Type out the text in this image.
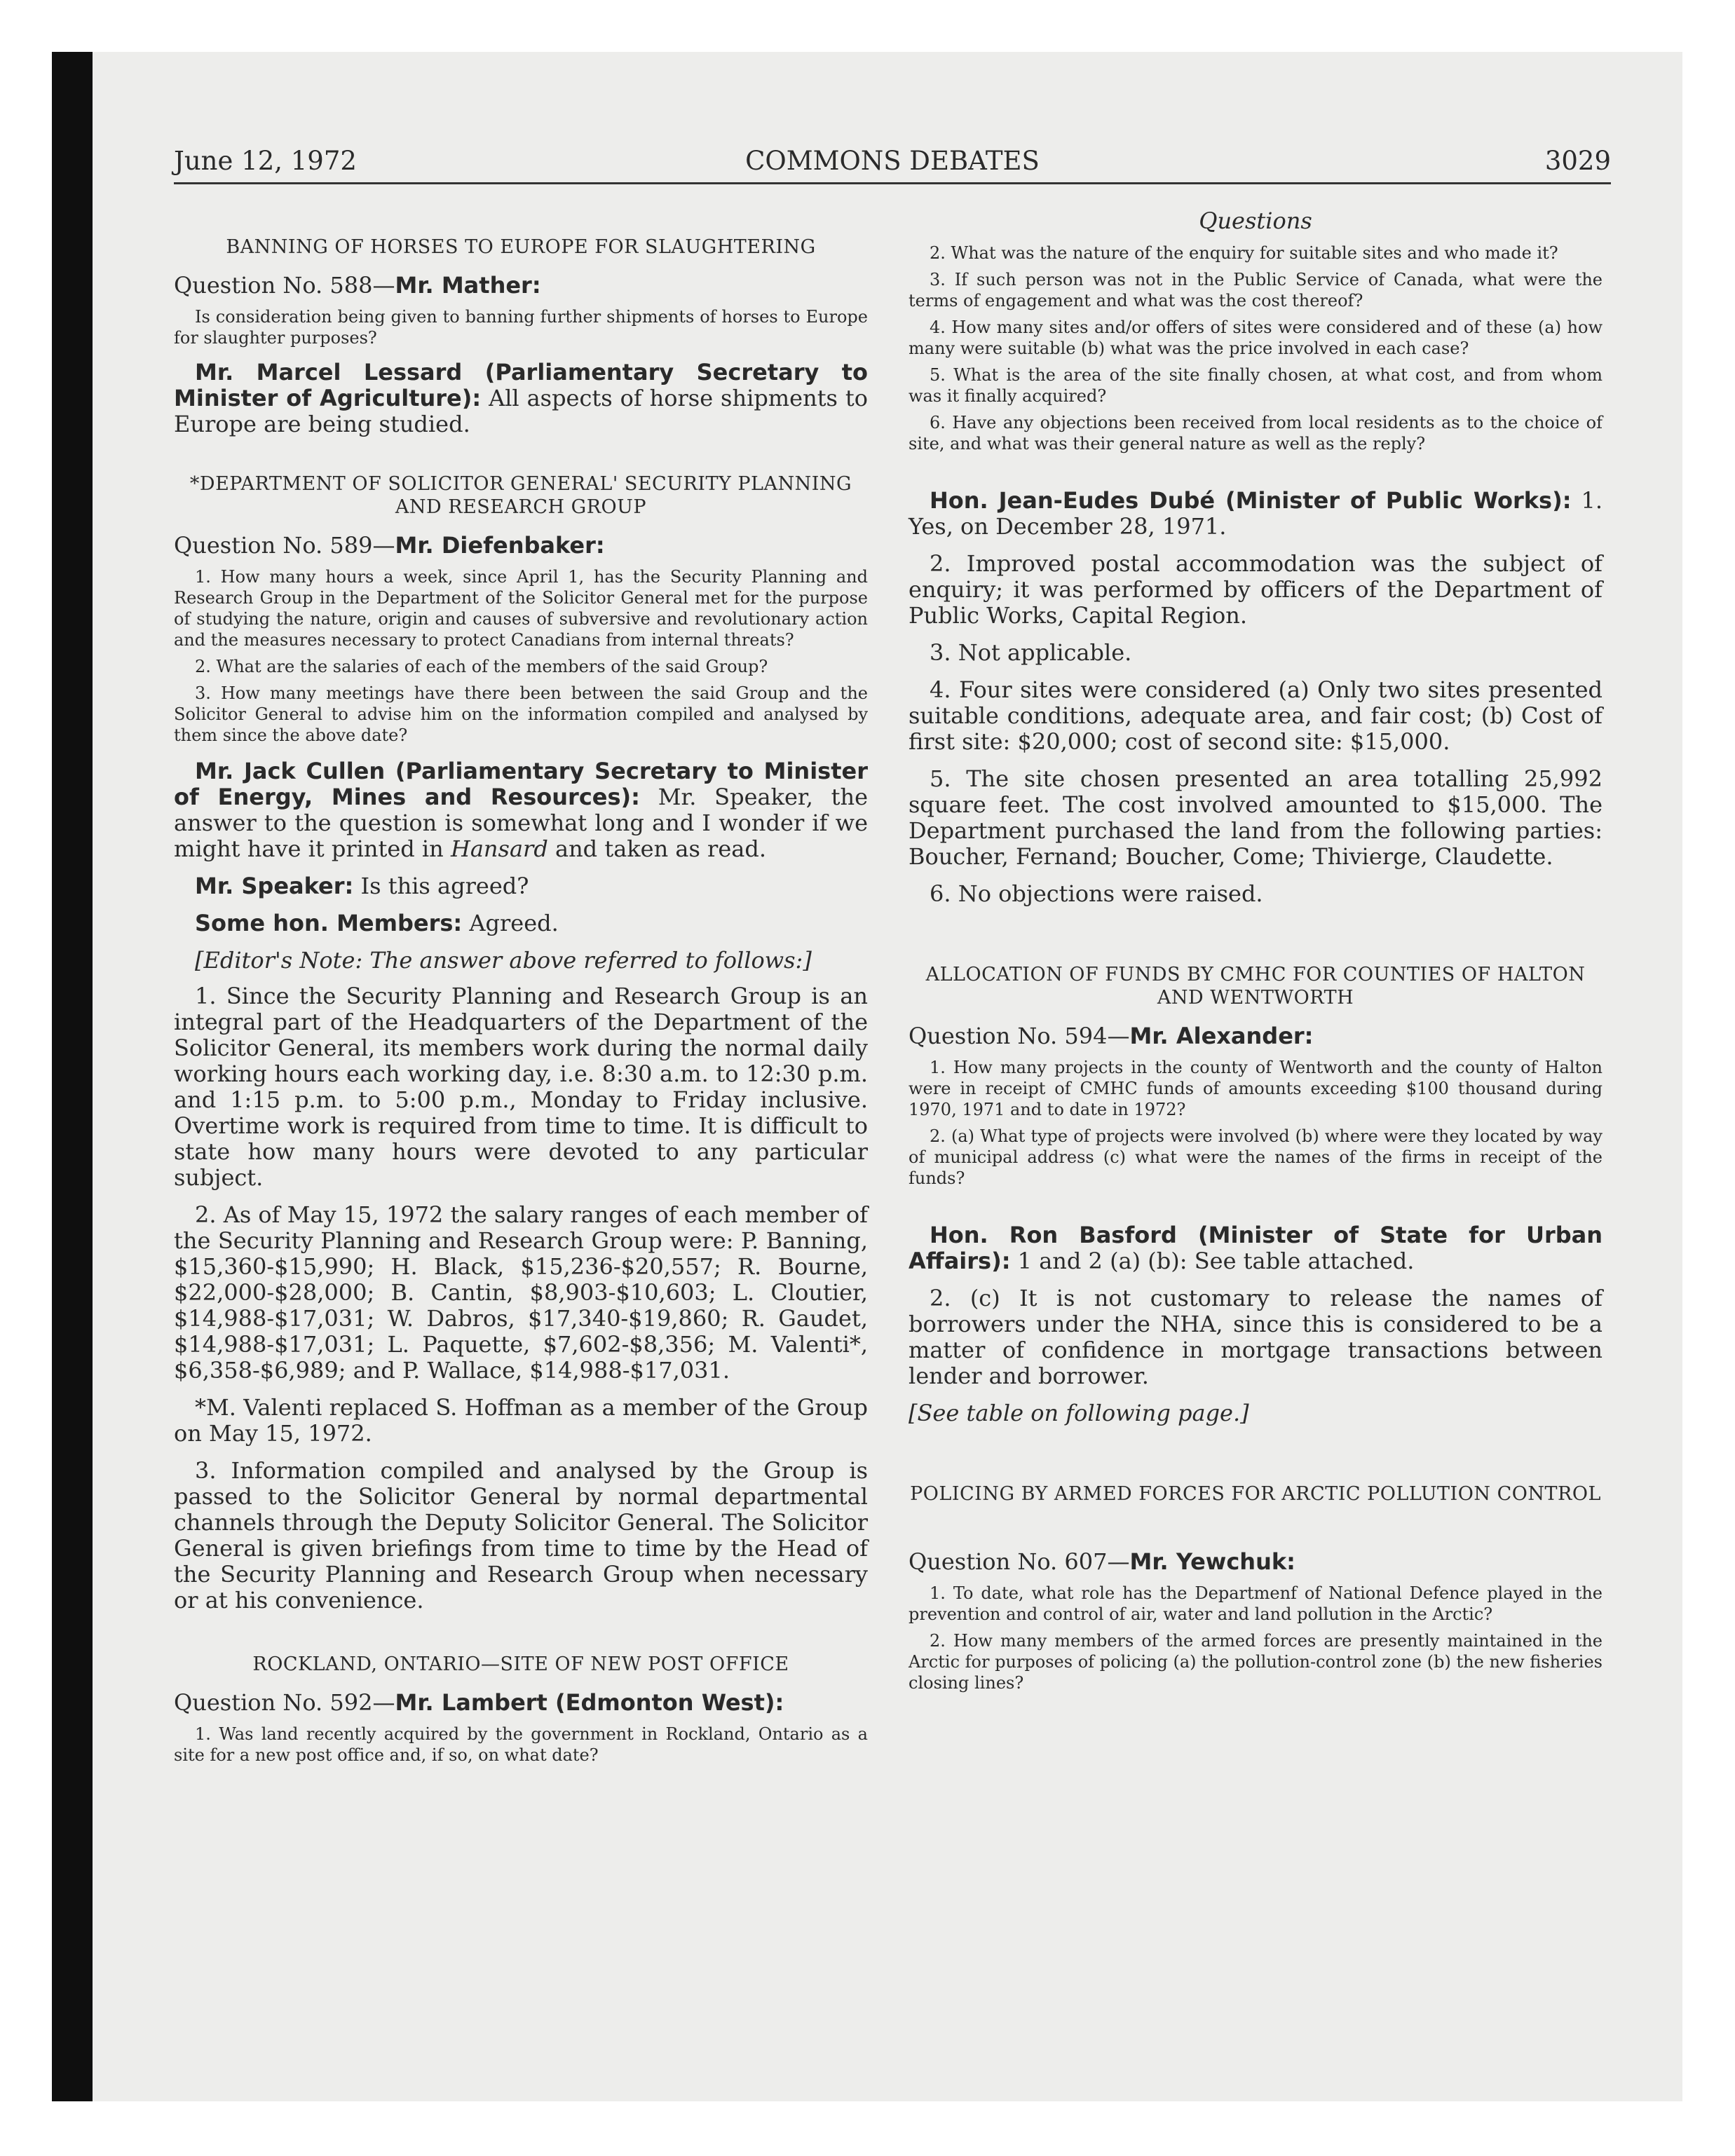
June 12, 1972	COMMONS DEBATES	3029
BANNING OF HORSES TO EUROPE FOR SLAUGHTERING
Question No. 588—Mr. Mather:

Is consideration being given to banning further shipments of horses to Europe for slaughter purposes?

Mr. Marcel Lessard (Parliamentary Secretary to Minister of Agriculture): All aspects of horse shipments to Europe are being studied.

*DEPARTMENT OF SOLICITOR GENERAL' SECURITY PLANNING AND RESEARCH GROUP
Question No. 589—Mr. Diefenbaker:

1. How many hours a week, since April 1, has the Security Planning and Research Group in the Department of the Solicitor General met for the purpose of studying the nature, origin and causes of subversive and revolutionary action and the measures necessary to protect Canadians from internal threats?

2. What are the salaries of each of the members of the said Group?

3. How many meetings have there been between the said Group and the Solicitor General to advise him on the information compiled and analysed by them since the above date?

Mr. Jack Cullen (Parliamentary Secretary to Minister of Energy, Mines and Resources): Mr. Speaker, the answer to the question is somewhat long and I wonder if we might have it printed in Hansard and taken as read.

Mr. Speaker: Is this agreed?

Some hon. Members: Agreed.

[Editor's Note: The answer above referred to follows:]

1. Since the Security Planning and Research Group is an integral part of the Headquarters of the Department of the Solicitor General, its members work during the normal daily working hours each working day, i.e. 8:30 a.m. to 12:30 p.m. and 1:15 p.m. to 5:00 p.m., Monday to Friday inclusive. Overtime work is required from time to time. It is difficult to state how many hours were devoted to any particular subject.

2. As of May 15, 1972 the salary ranges of each member of the Security Planning and Research Group were: P. Banning, $15,360-$15,990; H. Black, $15,236-$20,557; R. Bourne, $22,000-$28,000; B. Cantin, $8,903-$10,603; L. Cloutier, $14,988-$17,031; W. Dabros, $17,340-$19,860; R. Gaudet, $14,988-$17,031; L. Paquette, $7,602-$8,356; M. Valenti*, $6,358-$6,989; and P. Wallace, $14,988-$17,031.

*M. Valenti replaced S. Hoffman as a member of the Group on May 15, 1972.

3. Information compiled and analysed by the Group is passed to the Solicitor General by normal departmental channels through the Deputy Solicitor General. The Solicitor General is given briefings from time to time by the Head of the Security Planning and Research Group when necessary or at his convenience.

ROCKLAND, ONTARIO—SITE OF NEW POST OFFICE
Question No. 592—Mr. Lambert (Edmonton West):

1. Was land recently acquired by the government in Rockland, Ontario as a site for a new post office and, if so, on what date?

Questions

2. What was the nature of the enquiry for suitable sites and who made it?

3. If such person was not in the Public Service of Canada, what were the terms of engagement and what was the cost thereof?

4. How many sites and/or offers of sites were considered and of these (a) how many were suitable (b) what was the price involved in each case?

5. What is the area of the site finally chosen, at what cost, and from whom was it finally acquired?

6. Have any objections been received from local residents as to the choice of site, and what was their general nature as well as the reply?

Hon. Jean-Eudes Dubé (Minister of Public Works): 1. Yes, on December 28, 1971.

2. Improved postal accommodation was the subject of enquiry; it was performed by officers of the Department of Public Works, Capital Region.

3. Not applicable.

4. Four sites were considered (a) Only two sites presented suitable conditions, adequate area, and fair cost; (b) Cost of first site: $20,000; cost of second site: $15,000.

5. The site chosen presented an area totalling 25,992 square feet. The cost involved amounted to $15,000. The Department purchased the land from the following parties: Boucher, Fernand; Boucher, Come; Thivierge, Claudette.

6. No objections were raised.

ALLOCATION OF FUNDS BY CMHC FOR COUNTIES OF HALTON AND WENTWORTH
Question No. 594—Mr. Alexander:

1. How many projects in the county of Wentworth and the county of Halton were in receipt of CMHC funds of amounts exceeding $100 thousand during 1970, 1971 and to date in 1972?

2. (a) What type of projects were involved (b) where were they located by way of municipal address (c) what were the names of the firms in receipt of the funds?

Hon. Ron Basford (Minister of State for Urban Affairs): 1 and 2 (a) (b): See table attached.

2. (c) It is not customary to release the names of borrowers under the NHA, since this is considered to be a matter of confidence in mortgage transactions between lender and borrower.

[See table on following page.]

POLICING BY ARMED FORCES FOR ARCTIC POLLUTION CONTROL
Question No. 607—Mr. Yewchuk:

1. To date, what role has the Departmenf of National Defence played in the prevention and control of air, water and land pollution in the Arctic?

2. How many members of the armed forces are presently maintained in the Arctic for purposes of policing (a) the pollution-control zone (b) the new fisheries closing lines?
